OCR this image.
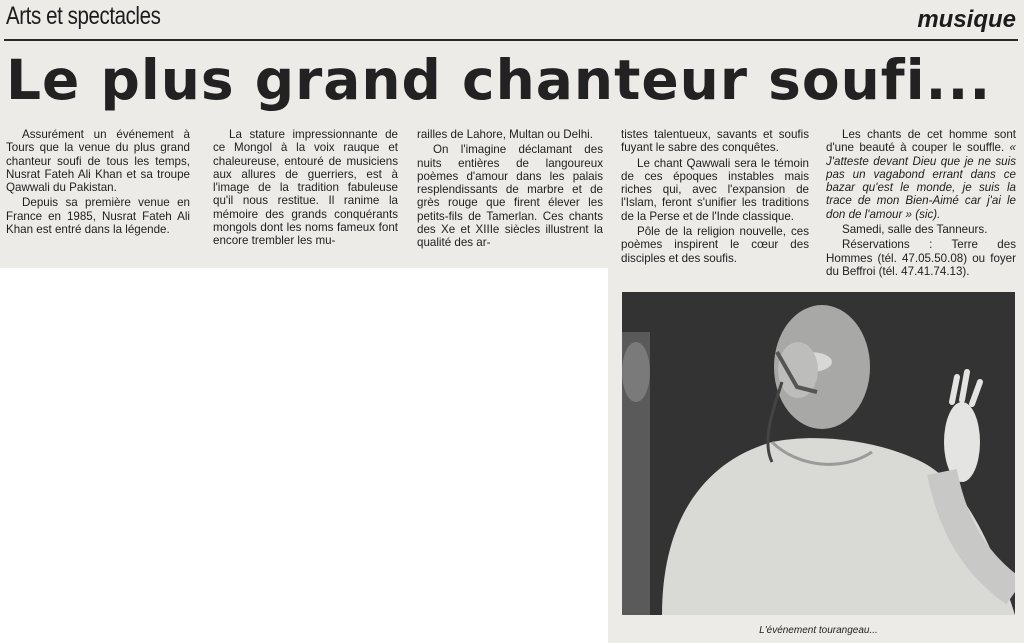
Arts et spectacles	musique
Le plus grand chanteur soufi...

Assurément un événement à Tours que la venue du plus grand chanteur soufi de tous les temps, Nusrat Fateh Ali Khan et sa troupe Qawwali du Pakistan.

Depuis sa première venue en France en 1985, Nusrat Fateh Ali Khan est entré dans la légende.

La stature impressionnante de ce Mongol à la voix rauque et chaleureuse, entouré de musiciens aux allures de guerriers, est à l'image de la tradition fabuleuse qu'il nous restitue. Il ranime la mémoire des grands conquérants mongols dont les noms fameux font encore trembler les mu-

railles de Lahore, Multan ou Delhi.

On l'imagine déclamant des nuits entières de langoureux poèmes d'amour dans les palais resplendissants de marbre et de grès rouge que firent élever les petits-fils de Tamerlan. Ces chants des Xe et XIIIe siècles illustrent la qualité des ar-

tistes talentueux, savants et soufis fuyant le sabre des conquêtes.

Le chant Qawwali sera le témoin de ces époques instables mais riches qui, avec l'expansion de l'Islam, feront s'unifier les traditions de la Perse et de l'Inde classique.

Pôle de la religion nouvelle, ces poèmes inspirent le cœur des disciples et des soufis.

Les chants de cet homme sont d'une beauté à couper le souffle. « J'atteste devant Dieu que je ne suis pas un vagabond errant dans ce bazar qu'est le monde, je suis la trace de mon Bien-Aimé car j'ai le don de l'amour » (sic).

Samedi, salle des Tanneurs.

Réservations : Terre des Hommes (tél. 47.05.50.08) ou foyer du Beffroi (tél. 47.41.74.13).

L'événement tourangeau...
